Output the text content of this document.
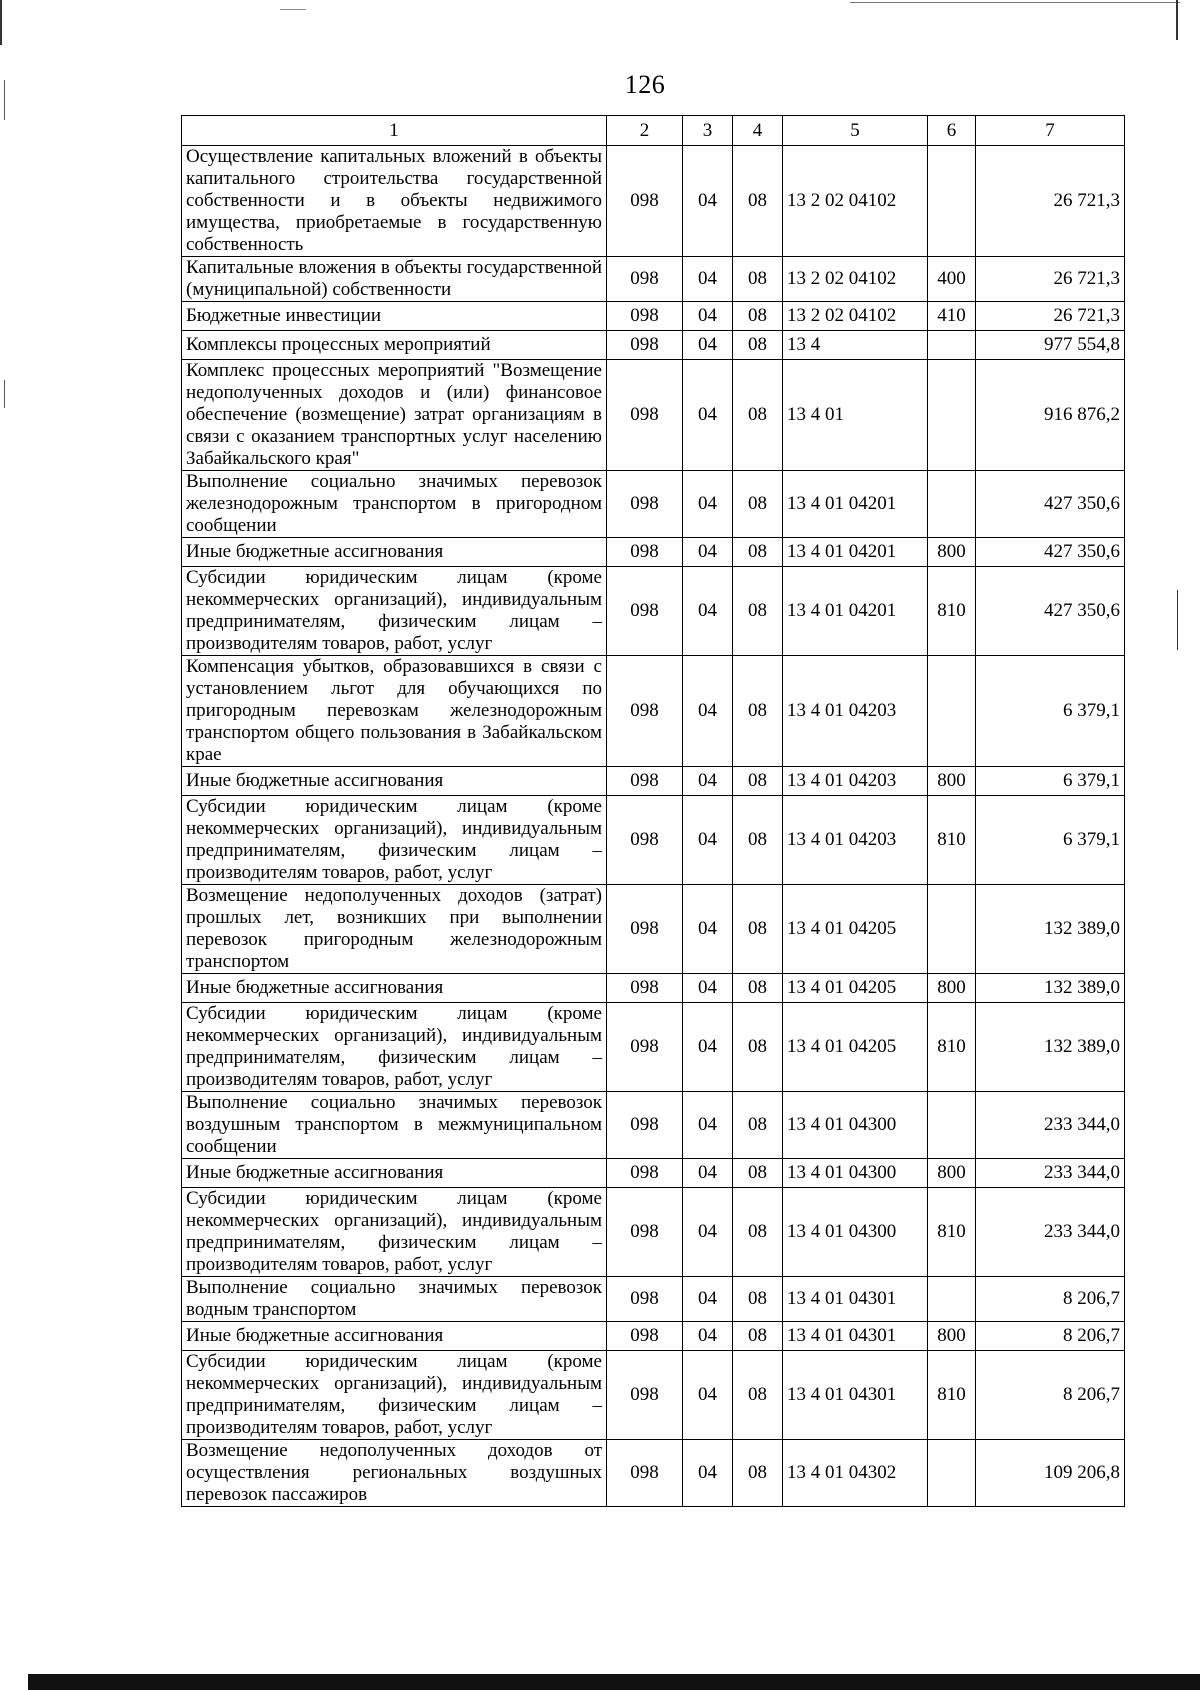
126
1	2	3	4	5	6	7
Осуществление капитальных вложений в объекты капитального строительства государственной собственности и в объекты недвижимого имущества, приобретаемые в государственную собственность	098	04	08	13 2 02 04102		26 721,3
Капитальные вложения в объекты государственной (муниципальной) собственности	098	04	08	13 2 02 04102	400	26 721,3
Бюджетные инвестиции	098	04	08	13 2 02 04102	410	26 721,3
Комплексы процессных мероприятий	098	04	08	13 4		977 554,8
Комплекс процессных мероприятий "Возмещение недополученных доходов и (или) финансовое обеспечение (возмещение) затрат организациям в связи с оказанием транспортных услуг населению Забайкальского края"	098	04	08	13 4 01		916 876,2
Выполнение социально значимых перевозок железнодорожным транспортом в пригородном сообщении	098	04	08	13 4 01 04201		427 350,6
Иные бюджетные ассигнования	098	04	08	13 4 01 04201	800	427 350,6
Субсидии юридическим лицам (кроме некоммерческих организаций), индивидуальным предпринимателям, физическим лицам – производителям товаров, работ, услуг	098	04	08	13 4 01 04201	810	427 350,6
Компенсация убытков, образовавшихся в связи с установлением льгот для обучающихся по пригородным перевозкам железнодорожным транспортом общего пользования в Забайкальском крае	098	04	08	13 4 01 04203		6 379,1
Иные бюджетные ассигнования	098	04	08	13 4 01 04203	800	6 379,1
Субсидии юридическим лицам (кроме некоммерческих организаций), индивидуальным предпринимателям, физическим лицам – производителям товаров, работ, услуг	098	04	08	13 4 01 04203	810	6 379,1
Возмещение недополученных доходов (затрат) прошлых лет, возникших при выполнении перевозок пригородным железнодорожным транспортом	098	04	08	13 4 01 04205		132 389,0
Иные бюджетные ассигнования	098	04	08	13 4 01 04205	800	132 389,0
Субсидии юридическим лицам (кроме некоммерческих организаций), индивидуальным предпринимателям, физическим лицам – производителям товаров, работ, услуг	098	04	08	13 4 01 04205	810	132 389,0
Выполнение социально значимых перевозок воздушным транспортом в межмуниципальном сообщении	098	04	08	13 4 01 04300		233 344,0
Иные бюджетные ассигнования	098	04	08	13 4 01 04300	800	233 344,0
Субсидии юридическим лицам (кроме некоммерческих организаций), индивидуальным предпринимателям, физическим лицам – производителям товаров, работ, услуг	098	04	08	13 4 01 04300	810	233 344,0
Выполнение социально значимых перевозок водным транспортом	098	04	08	13 4 01 04301		8 206,7
Иные бюджетные ассигнования	098	04	08	13 4 01 04301	800	8 206,7
Субсидии юридическим лицам (кроме некоммерческих организаций), индивидуальным предпринимателям, физическим лицам – производителям товаров, работ, услуг	098	04	08	13 4 01 04301	810	8 206,7
Возмещение недополученных доходов от осуществления региональных воздушных перевозок пассажиров	098	04	08	13 4 01 04302		109 206,8
